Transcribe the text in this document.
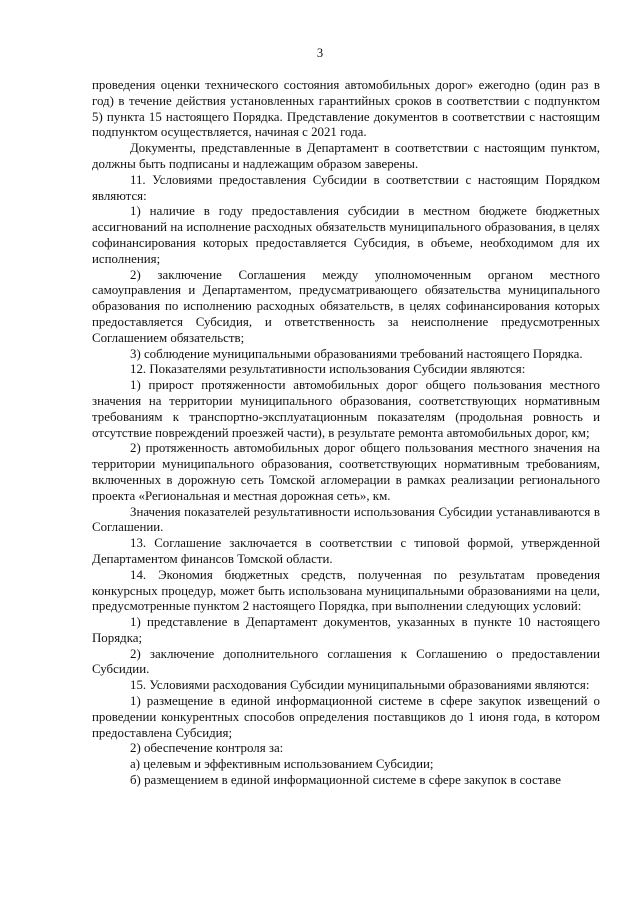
3

проведения оценки технического состояния автомобильных дорог» ежегодно (один раз в год) в течение действия установленных гарантийных сроков в соответствии с подпунктом 5) пункта 15 настоящего Порядка. Представление документов в соответствии с настоящим подпунктом осуществляется, начиная с 2021 года.

Документы, представленные в Департамент в соответствии с настоящим пунктом, должны быть подписаны и надлежащим образом заверены.

11. Условиями предоставления Субсидии в соответствии с настоящим Порядком являются:

1) наличие в году предоставления субсидии в местном бюджете бюджетных ассигнований на исполнение расходных обязательств муниципального образования, в целях софинансирования которых предоставляется Субсидия, в объеме, необходимом для их исполнения;

2) заключение Соглашения между уполномоченным органом местного самоуправления и Департаментом, предусматривающего обязательства муниципального образования по исполнению расходных обязательств, в целях софинансирования которых предоставляется Субсидия, и ответственность за неисполнение предусмотренных Соглашением обязательств;

3) соблюдение муниципальными образованиями требований настоящего Порядка.

12. Показателями результативности использования Субсидии являются:

1) прирост протяженности автомобильных дорог общего пользования местного значения на территории муниципального образования, соответствующих нормативным требованиям к транспортно-эксплуатационным показателям (продольная ровность и отсутствие повреждений проезжей части), в результате ремонта автомобильных дорог, км;

2) протяженность автомобильных дорог общего пользования местного значения на территории муниципального образования, соответствующих нормативным требованиям, включенных в дорожную сеть Томской агломерации в рамках реализации регионального проекта «Региональная и местная дорожная сеть», км.

Значения показателей результативности использования Субсидии устанавливаются в Соглашении.

13. Соглашение заключается в соответствии с типовой формой, утвержденной Департаментом финансов Томской области.

14. Экономия бюджетных средств, полученная по результатам проведения конкурсных процедур, может быть использована муниципальными образованиями на цели, предусмотренные пунктом 2 настоящего Порядка, при выполнении следующих условий:

1) представление в Департамент документов, указанных в пункте 10 настоящего Порядка;

2) заключение дополнительного соглашения к Соглашению о предоставлении Субсидии.

15. Условиями расходования Субсидии муниципальными образованиями являются:

1) размещение в единой информационной системе в сфере закупок извещений о проведении конкурентных способов определения поставщиков до 1 июня года, в котором предоставлена Субсидия;

2) обеспечение контроля за:

а) целевым и эффективным использованием Субсидии;

б) размещением в единой информационной системе в сфере закупок в составе
